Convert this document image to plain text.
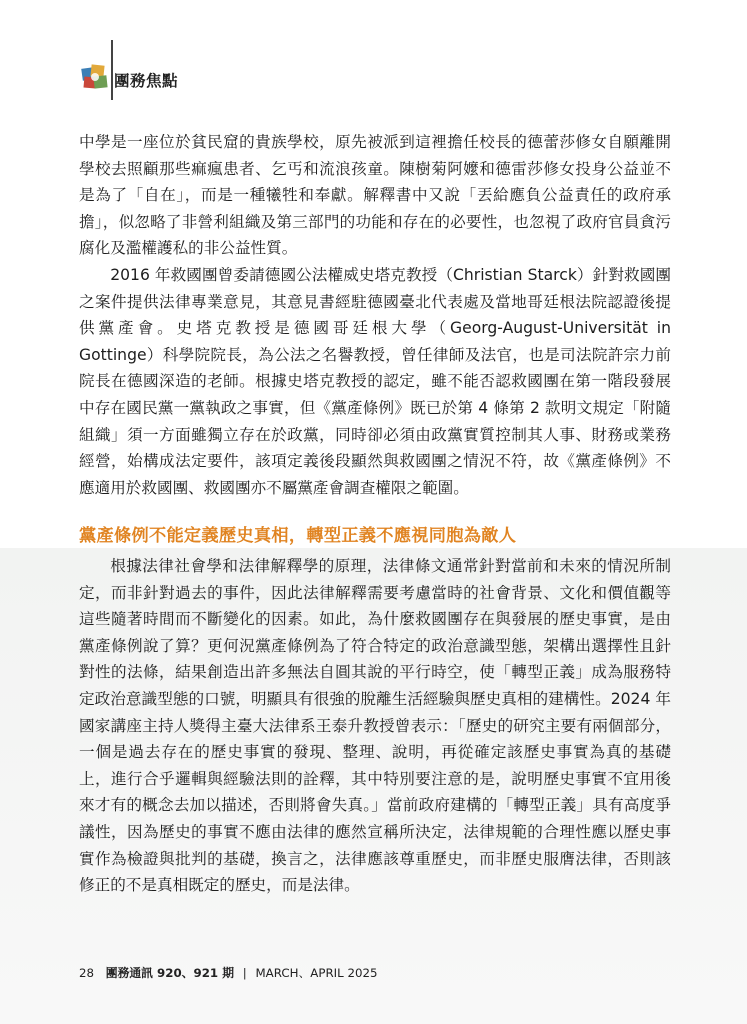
團務焦點

中學是一座位於貧民窟的貴族學校，原先被派到這裡擔任校長的德蕾莎修女自願離開學校去照顧那些痲瘋患者、乞丐和流浪孩童。陳樹菊阿嬤和德雷莎修女投身公益並不是為了「自在」，而是一種犧牲和奉獻。解釋書中又說「丟給應負公益責任的政府承擔」，似忽略了非營利組織及第三部門的功能和存在的必要性，也忽視了政府官員貪污腐化及濫權護私的非公益性質。

2016 年救國團曾委請德國公法權威史塔克教授（Christian Starck）針對救國團之案件提供法律專業意見，其意見書經駐德國臺北代表處及當地哥廷根法院認證後提供黨產會。史塔克教授是德國哥廷根大學（Georg-August-Universität in Gottinge）科學院院長，為公法之名譽教授，曾任律師及法官，也是司法院許宗力前院長在德國深造的老師。根據史塔克教授的認定，雖不能否認救國團在第一階段發展中存在國民黨一黨執政之事實，但《黨產條例》既已於第 4 條第 2 款明文規定「附隨組織」須一方面雖獨立存在於政黨，同時卻必須由政黨實質控制其人事、財務或業務經營，始構成法定要件，該項定義後段顯然與救國團之情況不符，故《黨產條例》不應適用於救國團、救國團亦不屬黨產會調查權限之範圍。

黨產條例不能定義歷史真相，轉型正義不應視同胞為敵人

根據法律社會學和法律解釋學的原理，法律條文通常針對當前和未來的情況所制定，而非針對過去的事件，因此法律解釋需要考慮當時的社會背景、文化和價值觀等這些隨著時間而不斷變化的因素。如此，為什麼救國團存在與發展的歷史事實，是由黨產條例說了算？更何況黨產條例為了符合特定的政治意識型態，架構出選擇性且針對性的法條，結果創造出許多無法自圓其說的平行時空，使「轉型正義」成為服務特定政治意識型態的口號，明顯具有很強的脫離生活經驗與歷史真相的建構性。2024 年國家講座主持人獎得主臺大法律系王泰升教授曾表示：「歷史的研究主要有兩個部分，一個是過去存在的歷史事實的發現、整理、說明，再從確定該歷史事實為真的基礎上，進行合乎邏輯與經驗法則的詮釋，其中特別要注意的是，說明歷史事實不宜用後來才有的概念去加以描述，否則將會失真。」當前政府建構的「轉型正義」具有高度爭議性，因為歷史的事實不應由法律的應然宣稱所決定，法律規範的合理性應以歷史事實作為檢證與批判的基礎，換言之，法律應該尊重歷史，而非歷史服膺法律，否則該修正的不是真相既定的歷史，而是法律。

28 團務通訊 920、921 期 | MARCH、APRIL 2025
